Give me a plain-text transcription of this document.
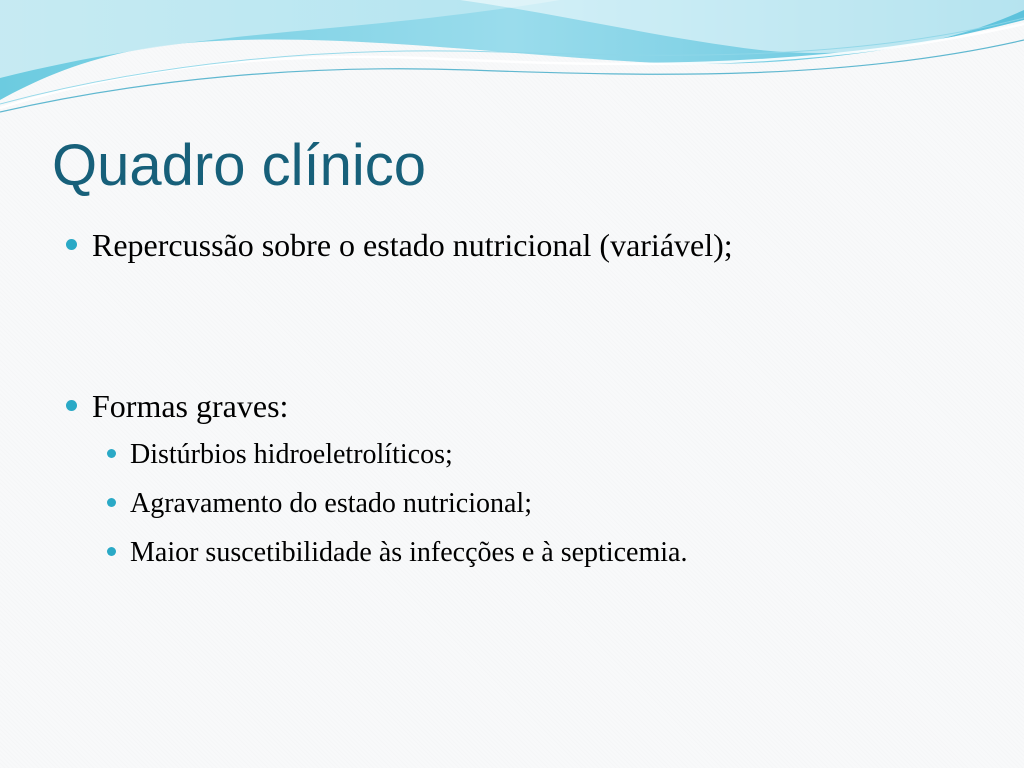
Quadro clínico
Repercussão sobre o estado nutricional (variável);
Formas graves:
Distúrbios hidroeletrolíticos;
Agravamento do estado nutricional;
Maior suscetibilidade às infecções e à septicemia.
